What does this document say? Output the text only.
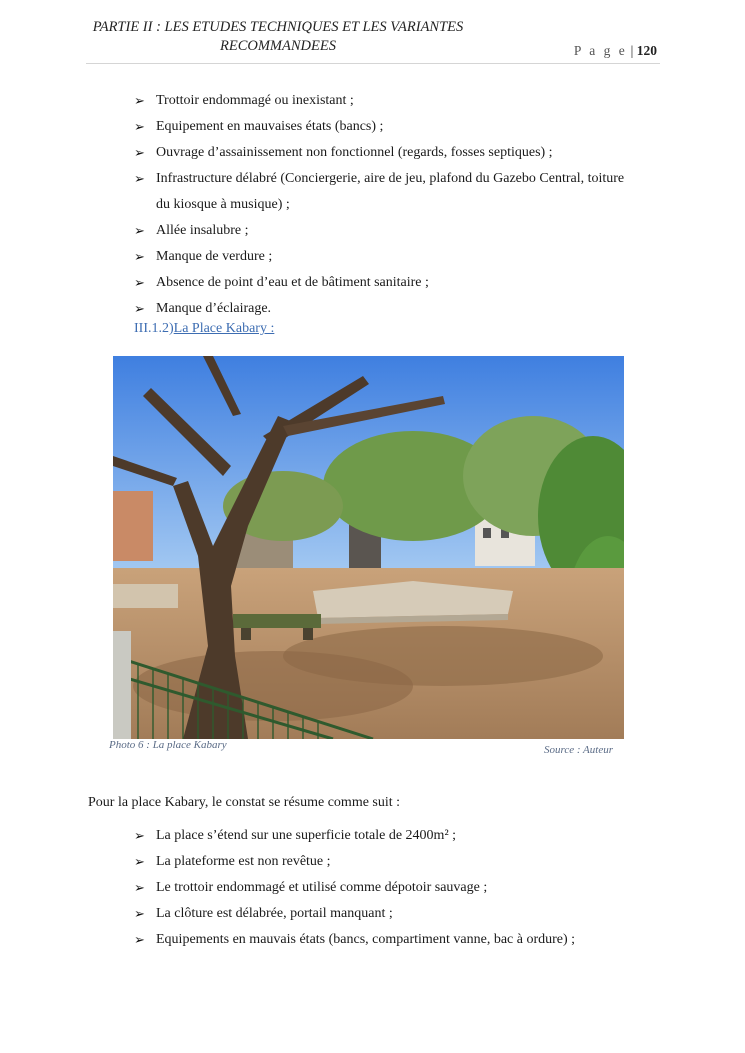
PARTIE II : LES ETUDES TECHNIQUES ET LES VARIANTES
RECOMMANDEES	P a g e | 120
➢ Trottoir endommagé ou inexistant ;
➢ Equipement en mauvaises états (bancs) ;
➢ Ouvrage d’assainissement non fonctionnel (regards, fosses septiques) ;
➢ Infrastructure délabré (Conciergerie, aire de jeu, plafond du Gazebo Central, toiture du kiosque à musique) ;
➢ Allée insalubre ;
➢ Manque de verdure ;
➢ Absence de point d’eau et de bâtiment sanitaire ;
➢ Manque d’éclairage.
III.1.2)La Place Kabary :
Photo 6 : La place Kabary	Source : Auteur
Pour la place Kabary, le constat se résume comme suit :
➢ La place s’étend sur une superficie totale de 2400m² ;
➢ La plateforme est non revêtue ;
➢ Le trottoir endommagé et utilisé comme dépotoir sauvage ;
➢ La clôture est délabrée, portail manquant ;
➢ Equipements en mauvais états (bancs, compartiment vanne, bac à ordure) ;
